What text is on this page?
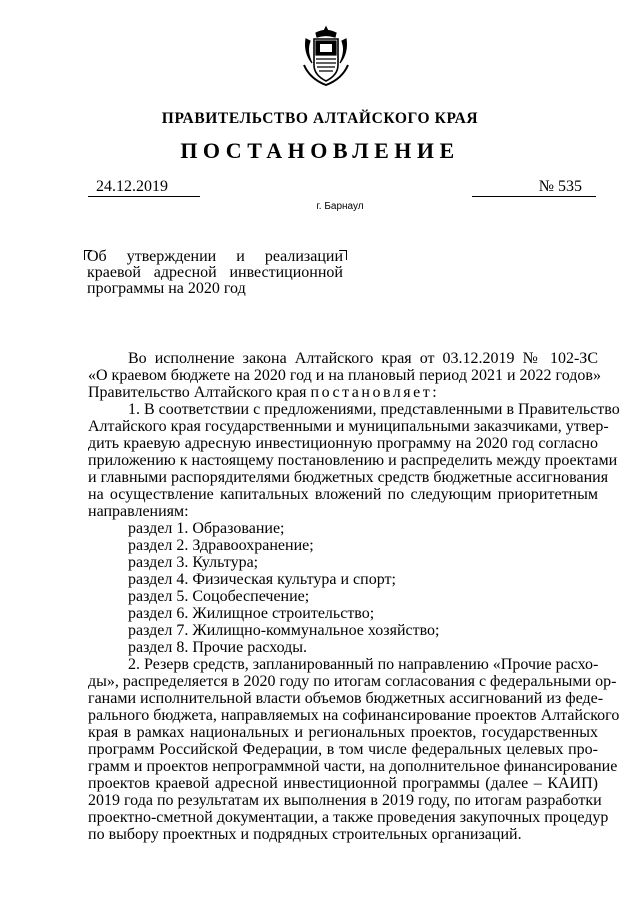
ПРАВИТЕЛЬСТВО АЛТАЙСКОГО КРАЯ
ПОСТАНОВЛЕНИЕ
24.12.2019	№ 535
г. Барнаул
Об утверждении и реализации
краевой адресной инвестиционной
программы на 2020 год
Во исполнение закона Алтайского края от 03.12.2019 № 102-ЗС
«О краевом бюджете на 2020 год и на плановый период 2021 и 2022 годов»
Правительство Алтайского края постановляет:
1. В соответствии с предложениями, представленными в Правительство
Алтайского края государственными и муниципальными заказчиками, утвер-
дить краевую адресную инвестиционную программу на 2020 год согласно
приложению к настоящему постановлению и распределить между проектами
и главными распорядителями бюджетных средств бюджетные ассигнования
на осуществление капитальных вложений по следующим приоритетным
направлениям:
раздел 1. Образование;
раздел 2. Здравоохранение;
раздел 3. Культура;
раздел 4. Физическая культура и спорт;
раздел 5. Соцобеспечение;
раздел 6. Жилищное строительство;
раздел 7. Жилищно-коммунальное хозяйство;
раздел 8. Прочие расходы.
2. Резерв средств, запланированный по направлению «Прочие расхо-
ды», распределяется в 2020 году по итогам согласования с федеральными ор-
ганами исполнительной власти объемов бюджетных ассигнований из феде-
рального бюджета, направляемых на софинансирование проектов Алтайского
края в рамках национальных и региональных проектов, государственных
программ Российской Федерации, в том числе федеральных целевых про-
грамм и проектов непрограммной части, на дополнительное финансирование
проектов краевой адресной инвестиционной программы (далее – КАИП)
2019 года по результатам их выполнения в 2019 году, по итогам разработки
проектно-сметной документации, а также проведения закупочных процедур
по выбору проектных и подрядных строительных организаций.
